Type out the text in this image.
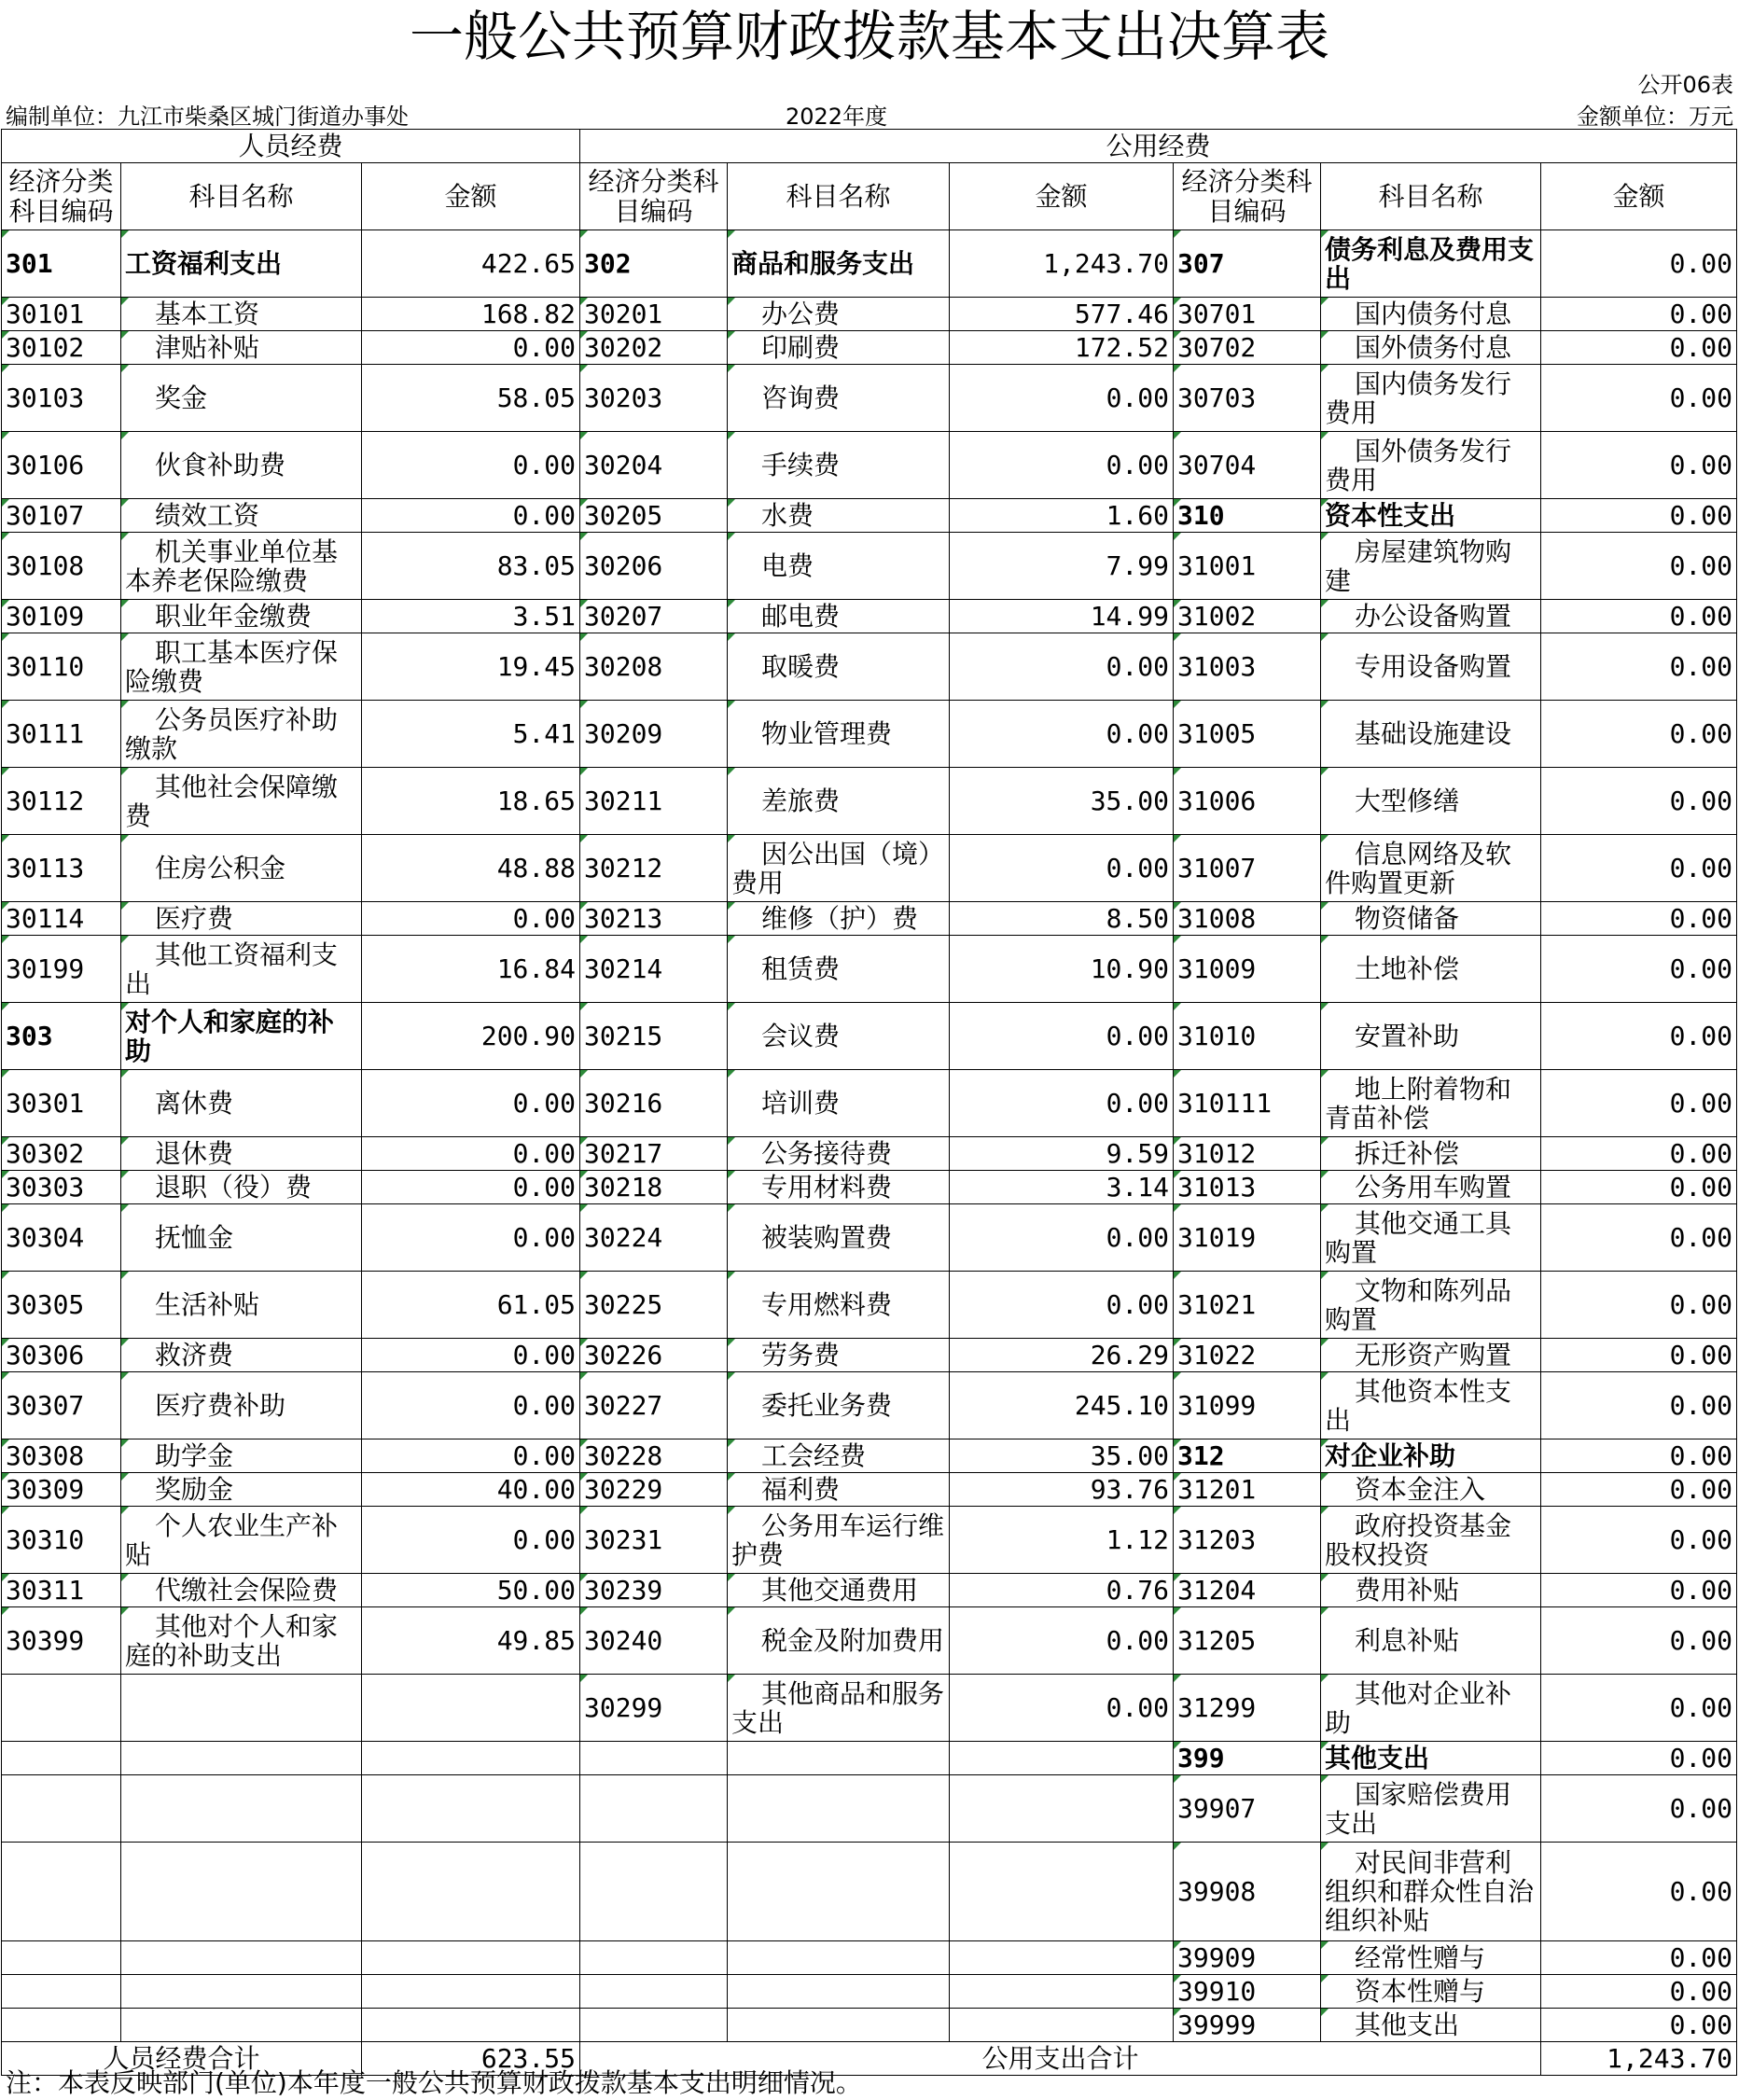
一般公共预算财政拨款基本支出决算表
公开06表
编制单位：九江市柴桑区城门街道办事处	2022年度	金额单位：万元
人员经费			公用经费					
经济分类科目编码	科目名称	金额	经济分类科目编码	科目名称	金额	经济分类科目编码	科目名称	金额
301	工资福利支出	422.65	302	商品和服务支出	1,243.70	307	债务利息及费用支出	0.00
30101	基本工资	168.82	30201	办公费	577.46	30701	国内债务付息	0.00
30102	津贴补贴	0.00	30202	印刷费	172.52	30702	国外债务付息	0.00
30103	奖金	58.05	30203	咨询费	0.00	30703	国内债务发行费用	0.00
30106	伙食补助费	0.00	30204	手续费	0.00	30704	国外债务发行费用	0.00
30107	绩效工资	0.00	30205	水费	1.60	310	资本性支出	0.00
30108	机关事业单位基本养老保险缴费	83.05	30206	电费	7.99	31001	房屋建筑物购建	0.00
30109	职业年金缴费	3.51	30207	邮电费	14.99	31002	办公设备购置	0.00
30110	职工基本医疗保险缴费	19.45	30208	取暖费	0.00	31003	专用设备购置	0.00
30111	公务员医疗补助缴款	5.41	30209	物业管理费	0.00	31005	基础设施建设	0.00
30112	其他社会保障缴费	18.65	30211	差旅费	35.00	31006	大型修缮	0.00
30113	住房公积金	48.88	30212	因公出国（境）费用	0.00	31007	信息网络及软件购置更新	0.00
30114	医疗费	0.00	30213	维修（护）费	8.50	31008	物资储备	0.00
30199	其他工资福利支出	16.84	30214	租赁费	10.90	31009	土地补偿	0.00
303	对个人和家庭的补助	200.90	30215	会议费	0.00	31010	安置补助	0.00
30301	离休费	0.00	30216	培训费	0.00	310111	地上附着物和青苗补偿	0.00
30302	退休费	0.00	30217	公务接待费	9.59	31012	拆迁补偿	0.00
30303	退职（役）费	0.00	30218	专用材料费	3.14	31013	公务用车购置	0.00
30304	抚恤金	0.00	30224	被装购置费	0.00	31019	其他交通工具购置	0.00
30305	生活补贴	61.05	30225	专用燃料费	0.00	31021	文物和陈列品购置	0.00
30306	救济费	0.00	30226	劳务费	26.29	31022	无形资产购置	0.00
30307	医疗费补助	0.00	30227	委托业务费	245.10	31099	其他资本性支出	0.00
30308	助学金	0.00	30228	工会经费	35.00	312	对企业补助	0.00
30309	奖励金	40.00	30229	福利费	93.76	31201	资本金注入	0.00
30310	个人农业生产补贴	0.00	30231	公务用车运行维护费	1.12	31203	政府投资基金股权投资	0.00
30311	代缴社会保险费	50.00	30239	其他交通费用	0.76	31204	费用补贴	0.00
30399	其他对个人和家庭的补助支出	49.85	30240	税金及附加费用	0.00	31205	利息补贴	0.00
			30299	其他商品和服务支出	0.00	31299	其他对企业补助	0.00
						399	其他支出	0.00
						39907	国家赔偿费用支出	0.00
						39908	对民间非营利组织和群众性自治组织补贴	0.00
						39909	经常性赠与	0.00
						39910	资本性赠与	0.00
						39999	其他支出	0.00
人员经费合计		623.55	公用支出合计					1,243.70
注：本表反映部门(单位)本年度一般公共预算财政拨款基本支出明细情况。
